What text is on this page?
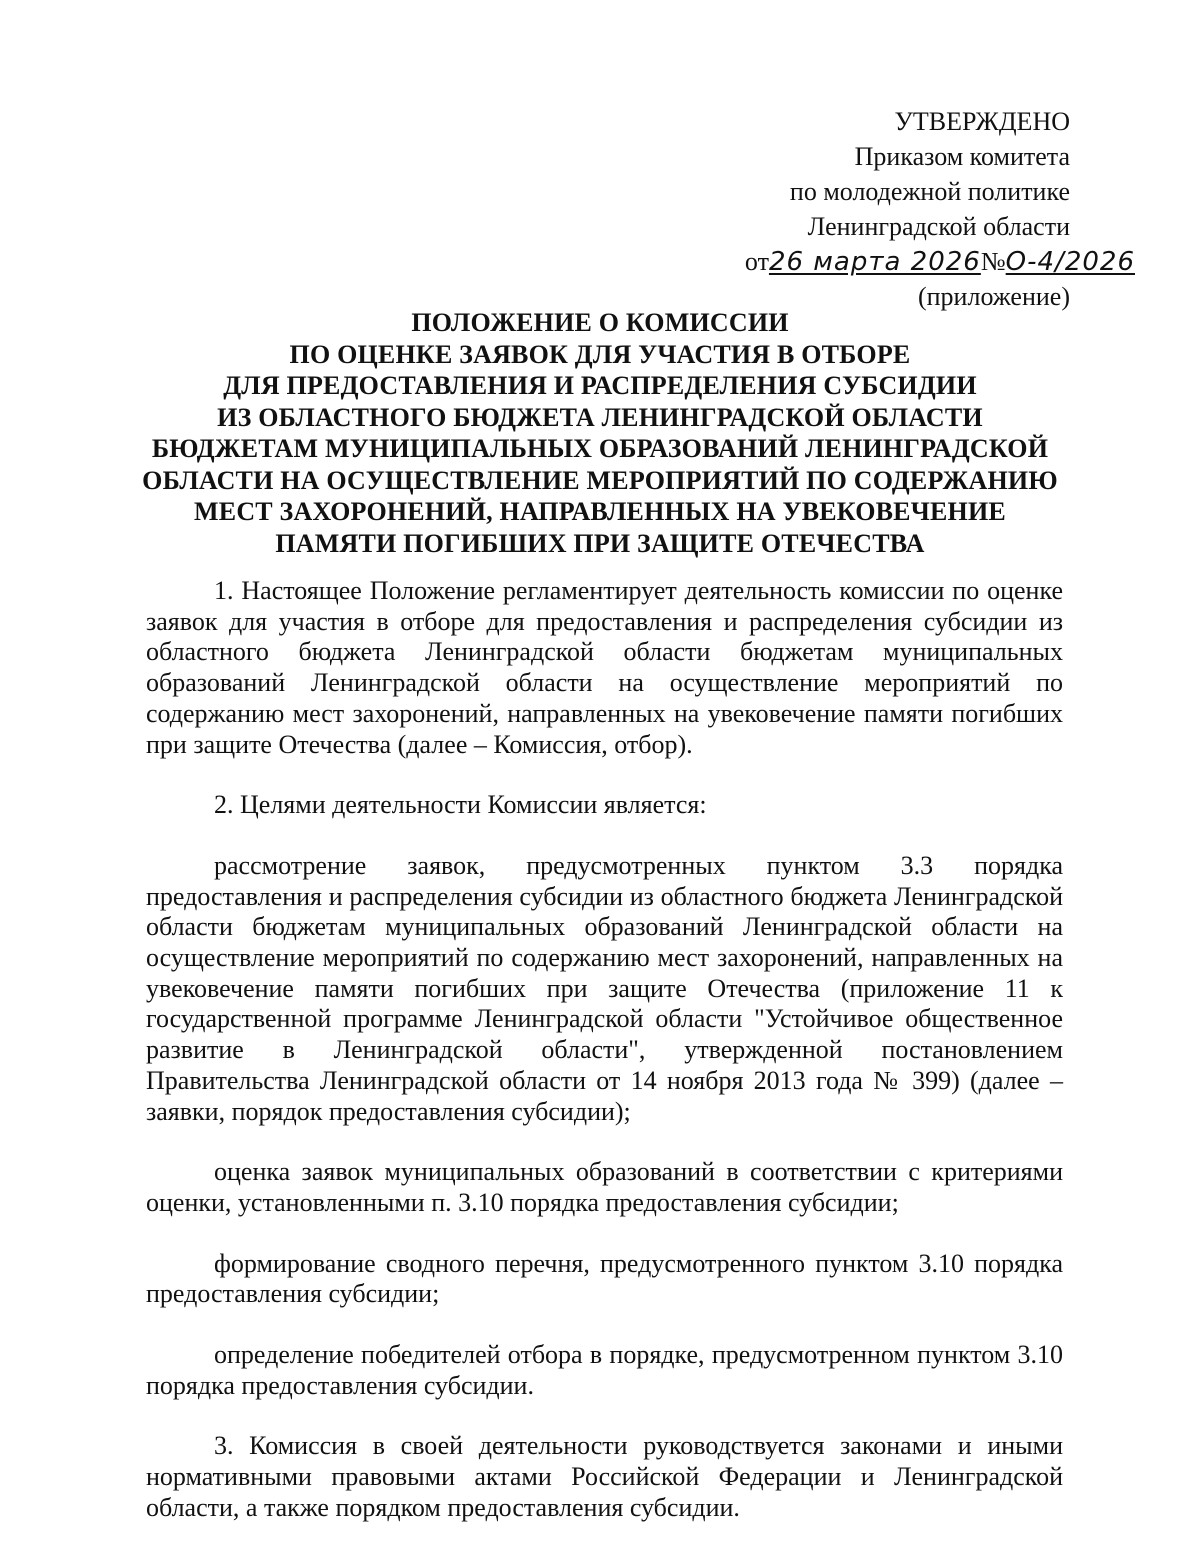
УТВЕРЖДЕНО
Приказом комитета
по молодежной политике
Ленинградской области
от26 марта 2026№О-4/2026
(приложение)
ПОЛОЖЕНИЕ О КОМИССИИ
ПО ОЦЕНКЕ ЗАЯВОК ДЛЯ УЧАСТИЯ В ОТБОРЕ
ДЛЯ ПРЕДОСТАВЛЕНИЯ И РАСПРЕДЕЛЕНИЯ СУБСИДИИ
ИЗ ОБЛАСТНОГО БЮДЖЕТА ЛЕНИНГРАДСКОЙ ОБЛАСТИ
БЮДЖЕТАМ МУНИЦИПАЛЬНЫХ ОБРАЗОВАНИЙ ЛЕНИНГРАДСКОЙ
ОБЛАСТИ НА ОСУЩЕСТВЛЕНИЕ МЕРОПРИЯТИЙ ПО СОДЕРЖАНИЮ
МЕСТ ЗАХОРОНЕНИЙ, НАПРАВЛЕННЫХ НА УВЕКОВЕЧЕНИЕ
ПАМЯТИ ПОГИБШИХ ПРИ ЗАЩИТЕ ОТЕЧЕСТВА

1. Настоящее Положение регламентирует деятельность комиссии по оценке заявок для участия в отборе для предоставления и распределения субсидии из областного бюджета Ленинградской области бюджетам муниципальных образований Ленинградской области на осуществление мероприятий по содержанию мест захоронений, направленных на увековечение памяти погибших при защите Отечества (далее – Комиссия, отбор).

2. Целями деятельности Комиссии является:

рассмотрение заявок, предусмотренных пунктом 3.3 порядка предоставления и распределения субсидии из областного бюджета Ленинградской области бюджетам муниципальных образований Ленинградской области на осуществление мероприятий по содержанию мест захоронений, направленных на увековечение памяти погибших при защите Отечества (приложение 11 к государственной программе Ленинградской области "Устойчивое общественное развитие в Ленинградской области", утвержденной постановлением Правительства Ленинградской области от 14 ноября 2013 года № 399) (далее – заявки, порядок предоставления субсидии);

оценка заявок муниципальных образований в соответствии с критериями оценки, установленными п. 3.10 порядка предоставления субсидии;

формирование сводного перечня, предусмотренного пунктом 3.10 порядка предоставления субсидии;

определение победителей отбора в порядке, предусмотренном пунктом 3.10 порядка предоставления субсидии.

3. Комиссия в своей деятельности руководствуется законами и иными нормативными правовыми актами Российской Федерации и Ленинградской области, а также порядком предоставления субсидии.
